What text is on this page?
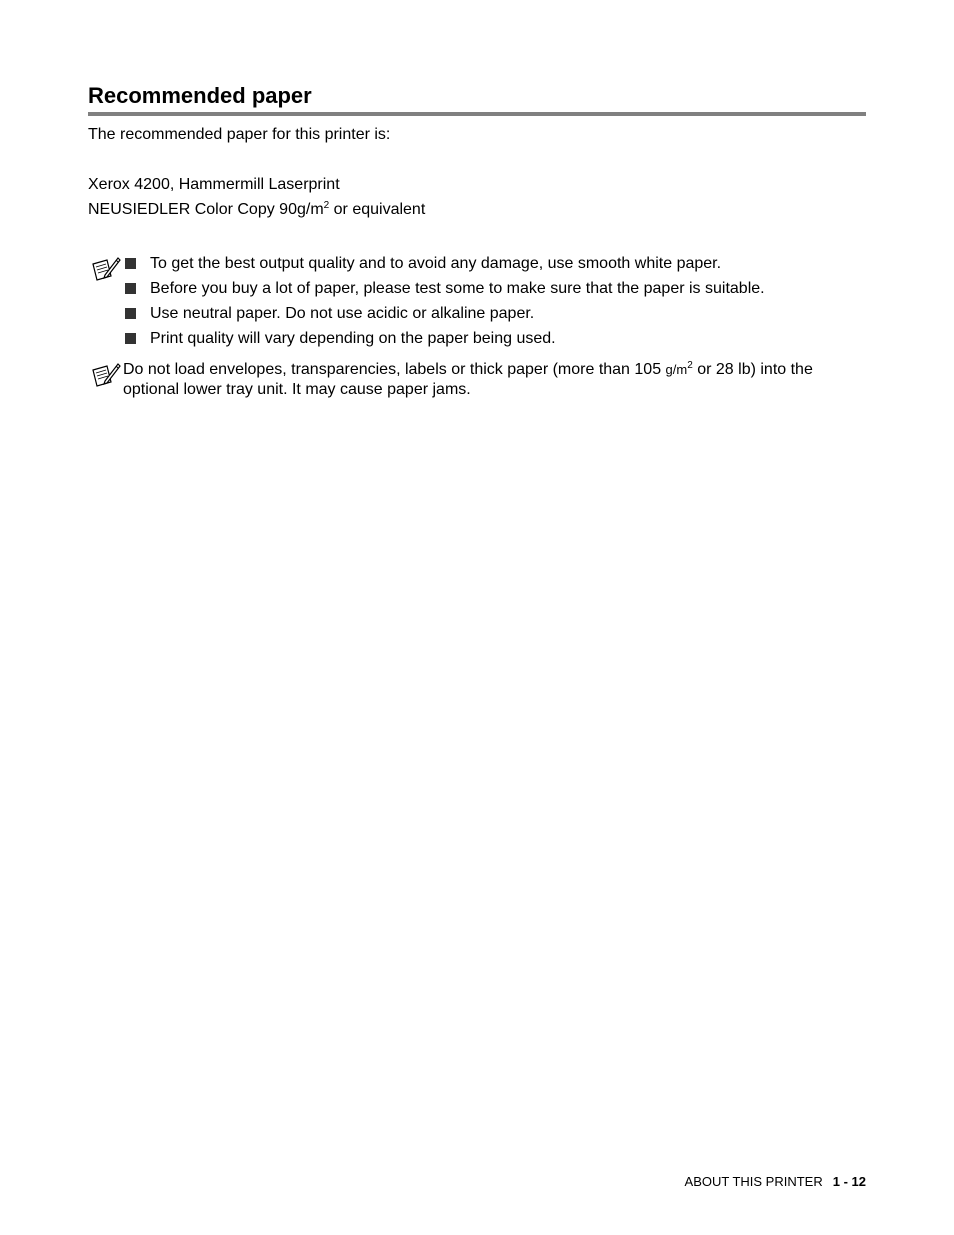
Recommended paper

The recommended paper for this printer is:

Xerox 4200, Hammermill Laserprint

NEUSIEDLER Color Copy $90g/m^2$ or equivalent

To get the best output quality and to avoid any damage, use smooth white paper.
Before you buy a lot of paper, please test some to make sure that the paper is suitable.
Use neutral paper. Do not use acidic or alkaline paper.
Print quality will vary depending on the paper being used.

Do not load envelopes, transparencies, labels or thick paper (more than 105 $g/m^2$ or 28 lb) into the optional lower tray unit. It may cause paper jams.

ABOUT THIS PRINTER 1 - 12
